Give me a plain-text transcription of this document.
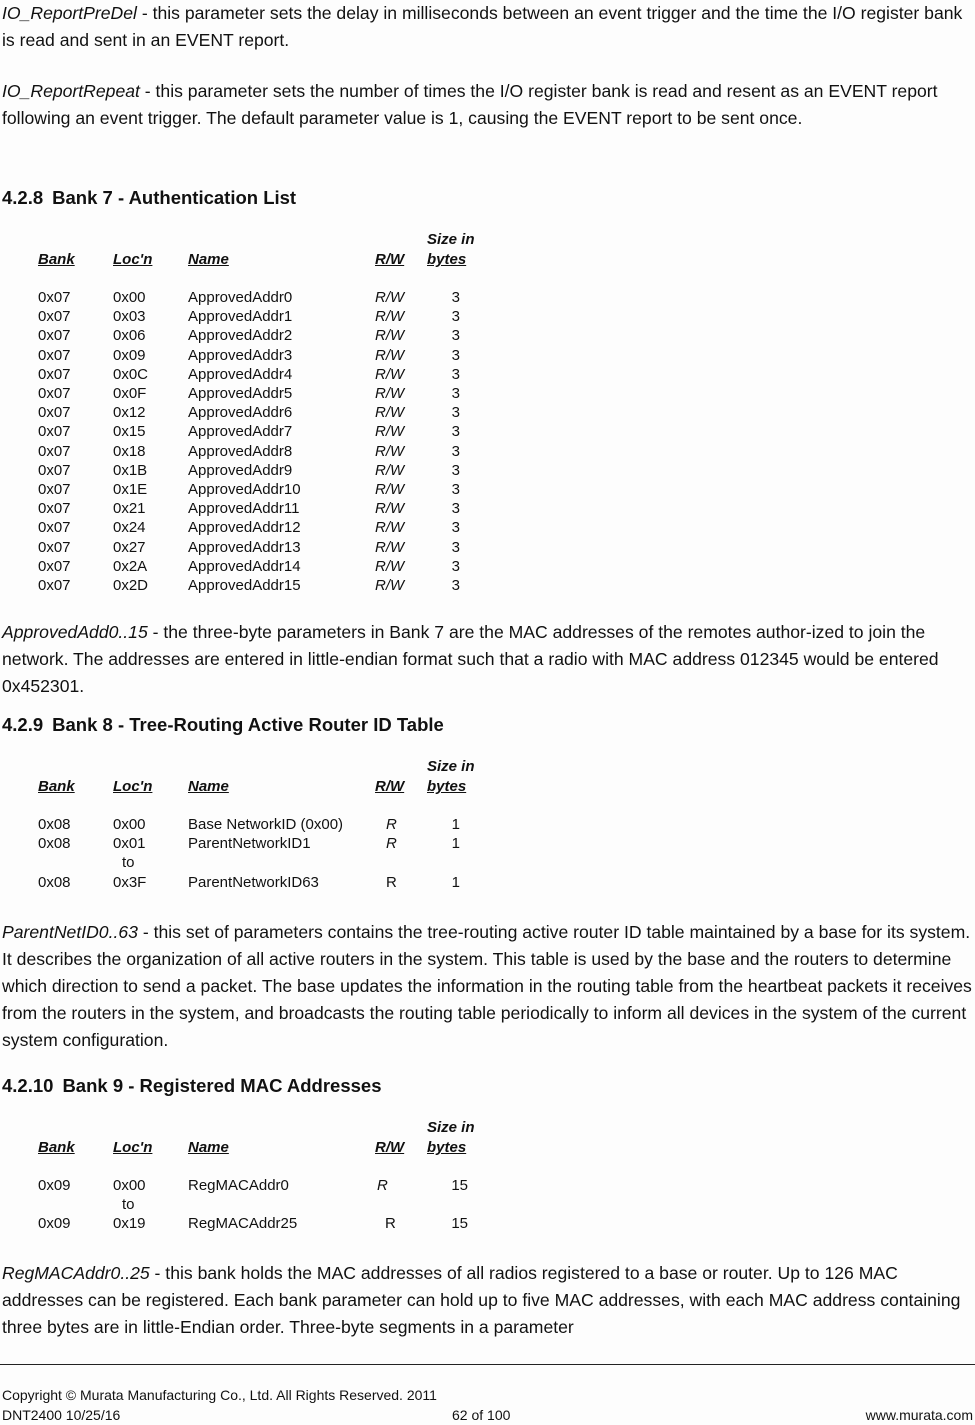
IO_ReportPreDel - this parameter sets the delay in milliseconds between an event trigger and the time the I/O register bank is read and sent in an EVENT report.

IO_ReportRepeat - this parameter sets the number of times the I/O register bank is read and resent as an EVENT report following an event trigger. The default parameter value is 1, causing the EVENT report to be sent once.

4.2.8 Bank 7 - Authentication List
Bank	Loc'n Name	R/W
Size in
bytes
0x07	0x00	ApprovedAddr0	R/W	3
0x07	0x03	ApprovedAddr1	R/W	3
0x07	0x06	ApprovedAddr2	R/W	3
0x07	0x09	ApprovedAddr3	R/W	3
0x07	0x0C	ApprovedAddr4	R/W	3
0x07	0x0F	ApprovedAddr5	R/W	3
0x07	0x12	ApprovedAddr6	R/W	3
0x07	0x15	ApprovedAddr7	R/W	3
0x07	0x18	ApprovedAddr8	R/W	3
0x07	0x1B	ApprovedAddr9	R/W	3
0x07	0x1E	ApprovedAddr10	R/W	3
0x07	0x21	ApprovedAddr11	R/W	3
0x07	0x24	ApprovedAddr12	R/W	3
0x07	0x27	ApprovedAddr13	R/W	3
0x07	0x2A	ApprovedAddr14	R/W	3
0x07	0x2D	ApprovedAddr15	R/W	3

ApprovedAdd0..15 - the three-byte parameters in Bank 7 are the MAC addresses of the remotes author-ized to join the network. The addresses are entered in little-endian format such that a radio with MAC address 012345 would be entered 0x452301.

4.2.9 Bank 8 - Tree-Routing Active Router ID Table
Bank	Loc'n Name	R/W
Size in
bytes
0x08	0x00	Base NetworkID (0x00)	R	1
0x08	0x01	ParentNetworkID1	R	1
to
0x08	0x3F	ParentNetworkID63	R	1

ParentNetID0..63 - this set of parameters contains the tree-routing active router ID table maintained by a base for its system. It describes the organization of all active routers in the system. This table is used by the base and the routers to determine which direction to send a packet. The base updates the information in the routing table from the heartbeat packets it receives from the routers in the system, and broadcasts the routing table periodically to inform all devices in the system of the current system configuration.

4.2.10 Bank 9 - Registered MAC Addresses
Bank	Loc'n Name	R/W
Size in
bytes
0x09	0x00	RegMACAddr0	R	15
to
0x09	0x19	RegMACAddr25	R	15

RegMACAddr0..25 - this bank holds the MAC addresses of all radios registered to a base or router. Up to 126 MAC addresses can be registered. Each bank parameter can hold up to five MAC addresses, with each MAC address containing three bytes are in little-Endian order. Three-byte segments in a parameter

Copyright © Murata Manufacturing Co., Ltd. All Rights Reserved. 2011
DNT2400 10/25/16	62 of 100	www.murata.com
